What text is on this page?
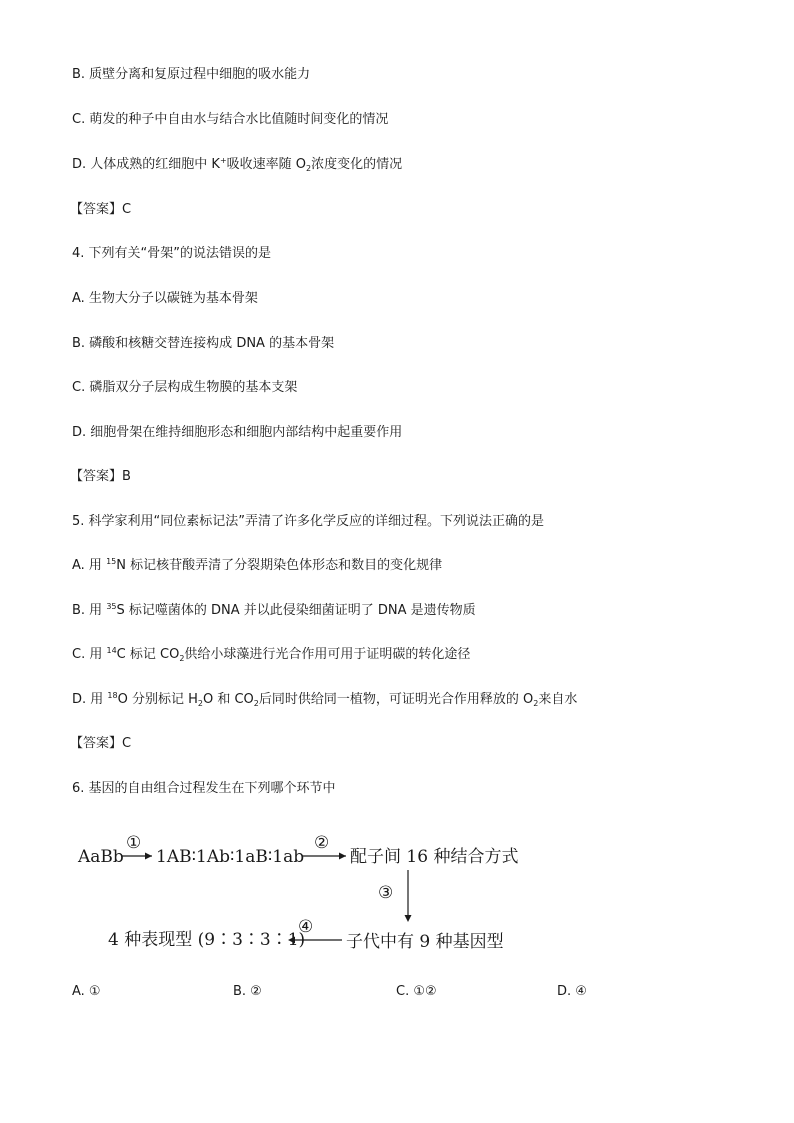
B. 质壁分离和复原过程中细胞的吸水能力
C. 萌发的种子中自由水与结合水比值随时间变化的情况
D. 人体成熟的红细胞中 K+吸收速率随 $O_2$浓度变化的情况
【答案】C
4. 下列有关“骨架”的说法错误的是
A. 生物大分子以碳链为基本骨架
B. 磷酸和核糖交替连接构成 DNA 的基本骨架
C. 磷脂双分子层构成生物膜的基本支架
D. 细胞骨架在维持细胞形态和细胞内部结构中起重要作用
【答案】B
5. 科学家利用“同位素标记法”弄清了许多化学反应的详细过程。下列说法正确的是
A. 用 $^{15}$N 标记核苷酸弄清了分裂期染色体形态和数目的变化规律
B. 用 $^{35}$S 标记噬菌体的 DNA 并以此侵染细菌证明了 DNA 是遗传物质
C. 用 $^{14}$C 标记 $CO_2$供给小球藻进行光合作用可用于证明碳的转化途径
D. 用 $^{18}$O 分别标记 $H_2O$ 和 $CO_2$后同时供给同一植物，可证明光合作用释放的 $O_2$来自水
【答案】C
6. 基因的自由组合过程发生在下列哪个环节中
AaBb
①
1AB∶1Ab∶1aB∶1ab
②
配子间 16 种结合方式
③
子代中有 9 种基因型
④
4 种表现型 (9∶3∶3∶1)
A. ①	B. ②	C. ①②	D. ④
